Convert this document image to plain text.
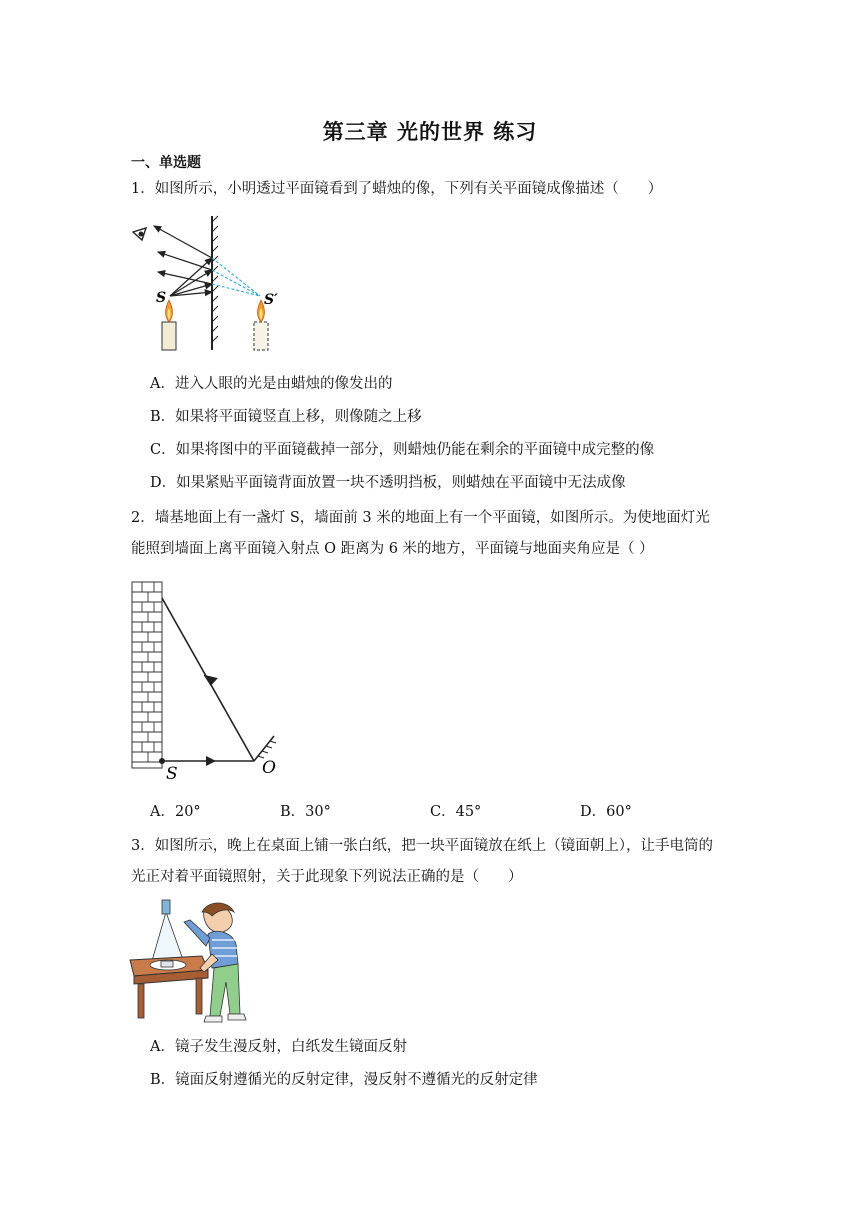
第三章 光的世界 练习
一、单选题
1．如图所示，小明透过平面镜看到了蜡烛的像，下列有关平面镜成像描述（　　）
S	S′
A．进入人眼的光是由蜡烛的像发出的
B．如果将平面镜竖直上移，则像随之上移
C．如果将图中的平面镜截掉一部分，则蜡烛仍能在剩余的平面镜中成完整的像
D．如果紧贴平面镜背面放置一块不透明挡板，则蜡烛在平面镜中无法成像
2．墙基地面上有一盏灯 S，墙面前 3 米的地面上有一个平面镜，如图所示。为使地面灯光
能照到墙面上离平面镜入射点 O 距离为 6 米的地方，平面镜与地面夹角应是（ ）
S	O
A．20°	B．30°	C．45°	D．60°
3．如图所示，晚上在桌面上铺一张白纸，把一块平面镜放在纸上（镜面朝上），让手电筒的
光正对着平面镜照射，关于此现象下列说法正确的是（　　）
A．镜子发生漫反射，白纸发生镜面反射
B．镜面反射遵循光的反射定律，漫反射不遵循光的反射定律
